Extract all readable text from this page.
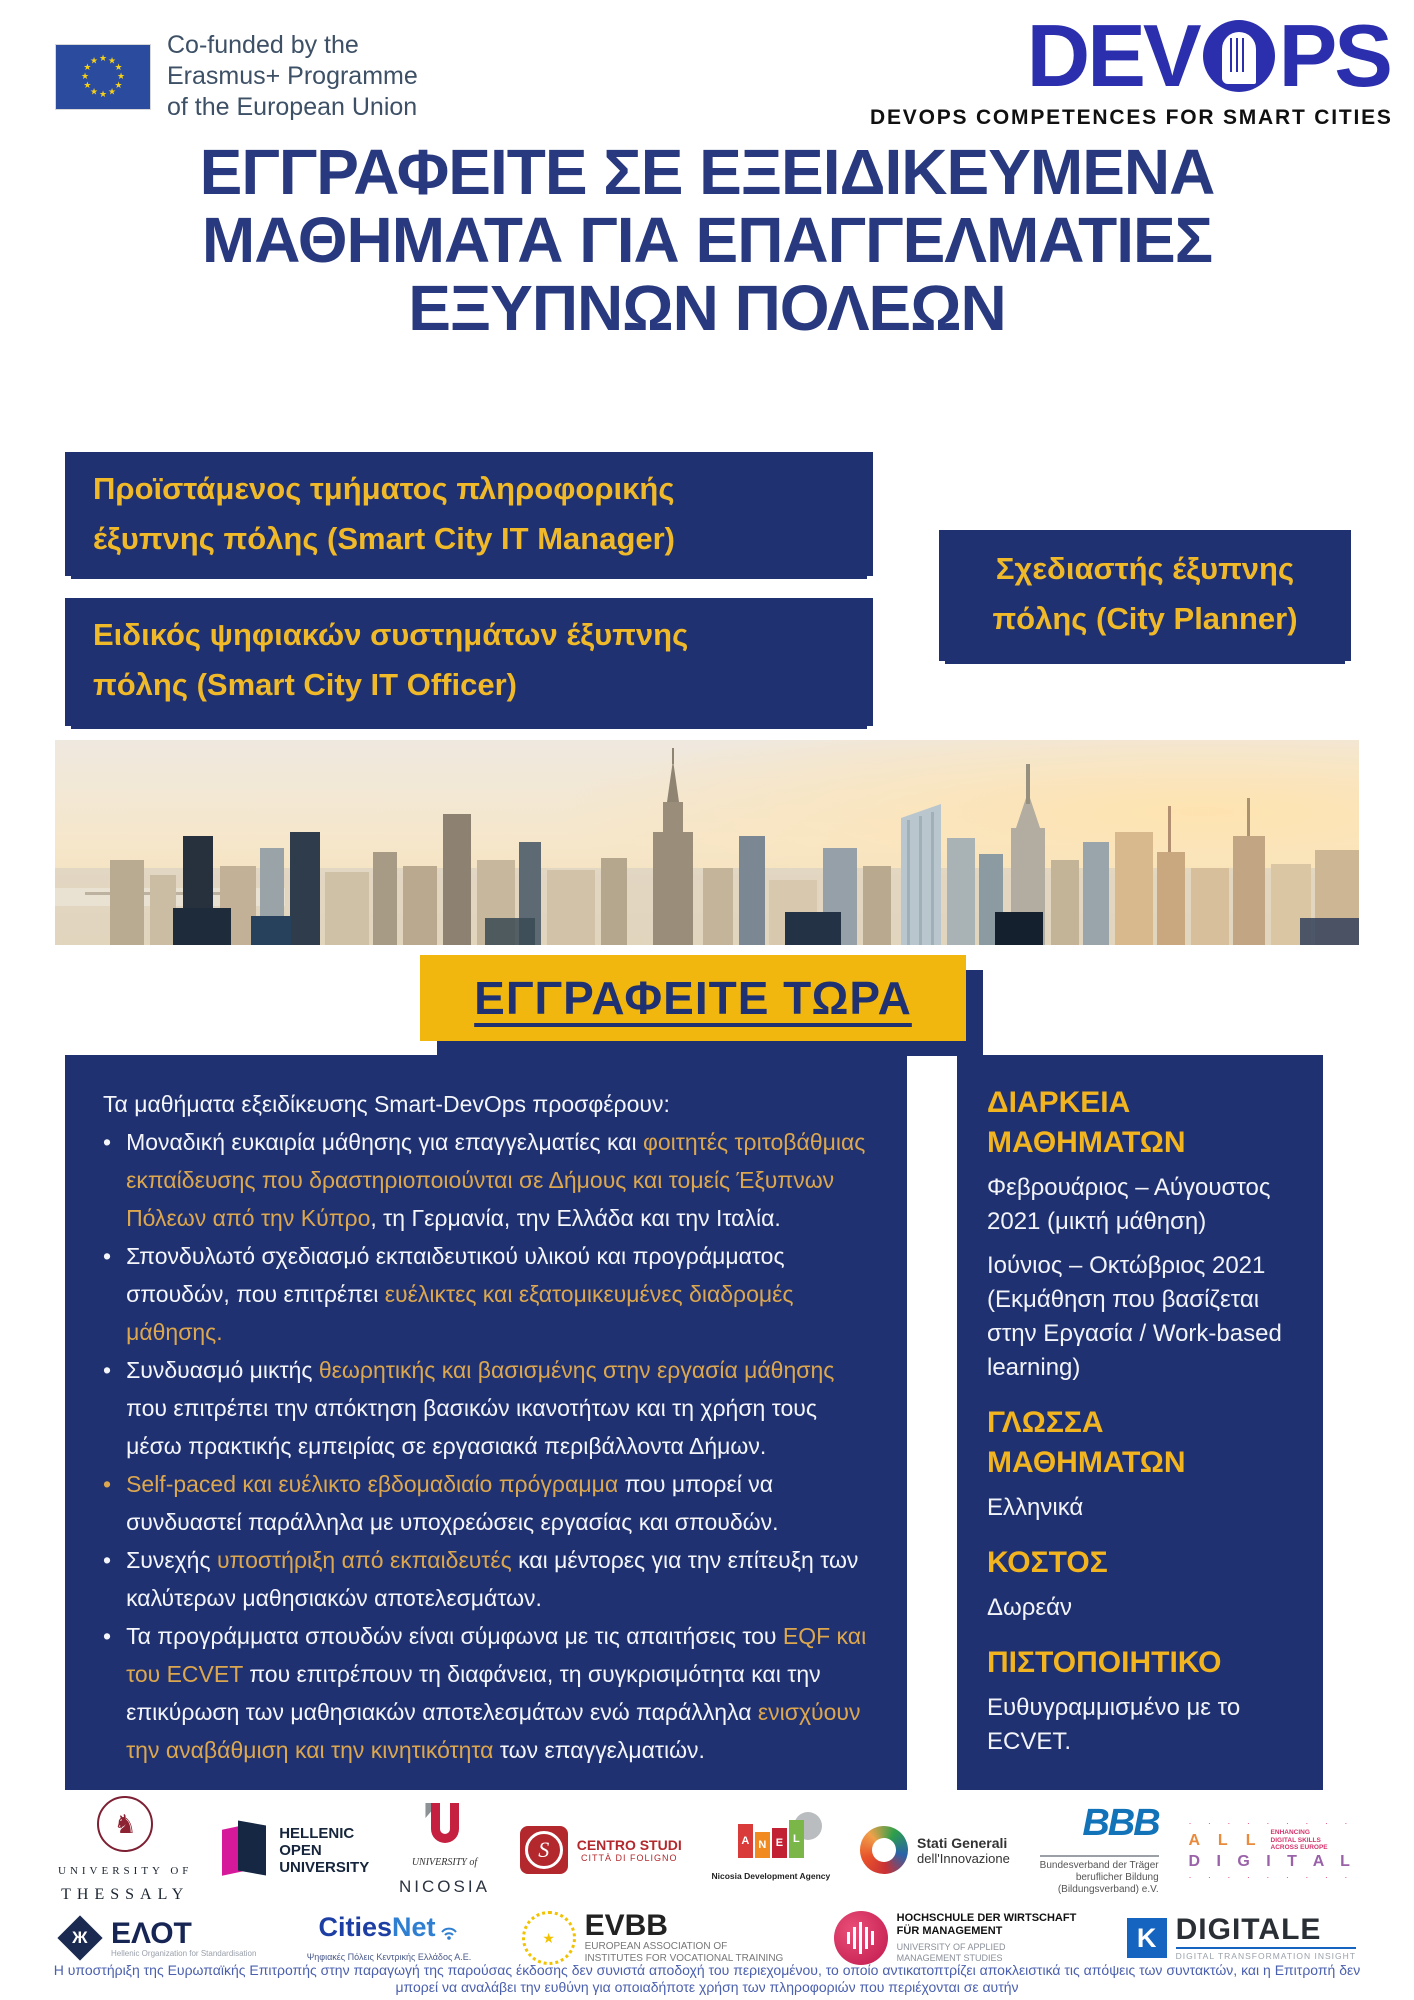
★ ★
★
★
★
★
★
★
★
★
★
★
Co-funded by the
Erasmus+ Programme
of the European Union
DEV PS
DEVOPS COMPETENCES FOR SMART CITIES
ΕΓΓΡΑΦΕΙΤΕ ΣΕ ΕΞΕΙΔΙΚΕΥΜΕΝΑ
ΜΑΘΗΜΑΤΑ ΓΙΑ ΕΠΑΓΓΕΛΜΑΤΙΕΣ
ΕΞΥΠΝΩΝ ΠΟΛΕΩΝ
Προϊστάμενος τμήματος πληροφορικής
έξυπνης πόλης (Smart City IT Manager)
Ειδικός ψηφιακών συστημάτων έξυπνης
πόλης (Smart City IT Officer)
Σχεδιαστής έξυπνης
πόλης (City Planner)
ΕΓΓΡΑΦΕΙΤΕ ΤΩΡΑ

Τα μαθήματα εξειδίκευσης Smart-DevOps προσφέρουν:

• Μοναδική ευκαιρία μάθησης για επαγγελματίες και φοιτητές τριτοβάθμιας εκπαίδευσης που δραστηριοποιούνται σε Δήμους και τομείς Έξυπνων Πόλεων από την Κύπρο, τη Γερμανία, την Ελλάδα και την Ιταλία.

• Σπονδυλωτό σχεδιασμό εκπαιδευτικού υλικού και προγράμματος σπουδών, που επιτρέπει ευέλικτες και εξατομικευμένες διαδρομές μάθησης.

• Συνδυασμό μικτής θεωρητικής και βασισμένης στην εργασία μάθησης που επιτρέπει την απόκτηση βασικών ικανοτήτων και τη χρήση τους μέσω πρακτικής εμπειρίας σε εργασιακά περιβάλλοντα Δήμων.

• Self-paced και ευέλικτο εβδομαδιαίο πρόγραμμα που μπορεί να συνδυαστεί παράλληλα με υποχρεώσεις εργασίας και σπουδών.

• Συνεχής υποστήριξη από εκπαιδευτές και μέντορες για την επίτευξη των καλύτερων μαθησιακών αποτελεσμάτων.

• Τα προγράμματα σπουδών είναι σύμφωνα με τις απαιτήσεις του EQF και του ECVET που επιτρέπουν τη διαφάνεια, τη συγκρισιμότητα και την επικύρωση των μαθησιακών αποτελεσμάτων ενώ παράλληλα ενισχύουν την αναβάθμιση και την κινητικότητα των επαγγελματιών.

ΔΙΑΡΚΕΙΑ ΜΑΘΗΜΑΤΩΝ

Φεβρουάριος – Αύγουστος 2021 (μικτή μάθηση)

Ιούνιος – Οκτώβριος 2021 (Εκμάθηση που βασίζεται στην Εργασία / Work-based learning)

ΓΛΩΣΣΑ ΜΑΘΗΜΑΤΩΝ

Ελληνικά

ΚΟΣΤΟΣ

Δωρεάν

ΠΙΣΤΟΠΟΙΗΤΙΚΟ

Ευθυγραμμισμένο με το ECVET.

♞
UNIVERSITY OF
THESSALY
HELLENIC
OPEN
UNIVERSITY	UNIVERSITY of
NICOSIA
S CENTRO STUDI
CITTÀ DI FOLIGNO
A N E L
Nicosia Development Agency
Stati Generali
dell'Innovazione
BBB
Bundesverband der Träger
beruflicher Bildung
(Bildungsverband) e.V.
· · · · · · · · ·
A L L ENHANCING DIGITAL SKILLS ACROSS EUROPE
D I G I T A L
· · · · · · · · ·
Ж ΕΛΟΤ
Hellenic Organization for Standardisation
Cities Net
Ψηφιακές Πόλεις Κεντρικής Ελλάδος Α.Ε.
★ EVBB
EUROPEAN ASSOCIATION OF
INSTITUTES FOR VOCATIONAL TRAINING
HOCHSCHULE DER WIRTSCHAFT
FÜR MANAGEMENT
UNIVERSITY OF APPLIED
MANAGEMENT STUDIES
K DIGITALE
DIGITAL TRANSFORMATION INSIGHT
Η υποστήριξη της Ευρωπαϊκής Επιτροπής στην παραγωγή της παρούσας έκδοσης δεν συνιστά αποδοχή του περιεχομένου, το οποίο αντικατοπτρίζει αποκλειστικά τις απόψεις των συντακτών, και η Επιτροπή δεν μπορεί να αναλάβει την ευθύνη για οποιαδήποτε χρήση των πληροφοριών που περιέχονται σε αυτήν
